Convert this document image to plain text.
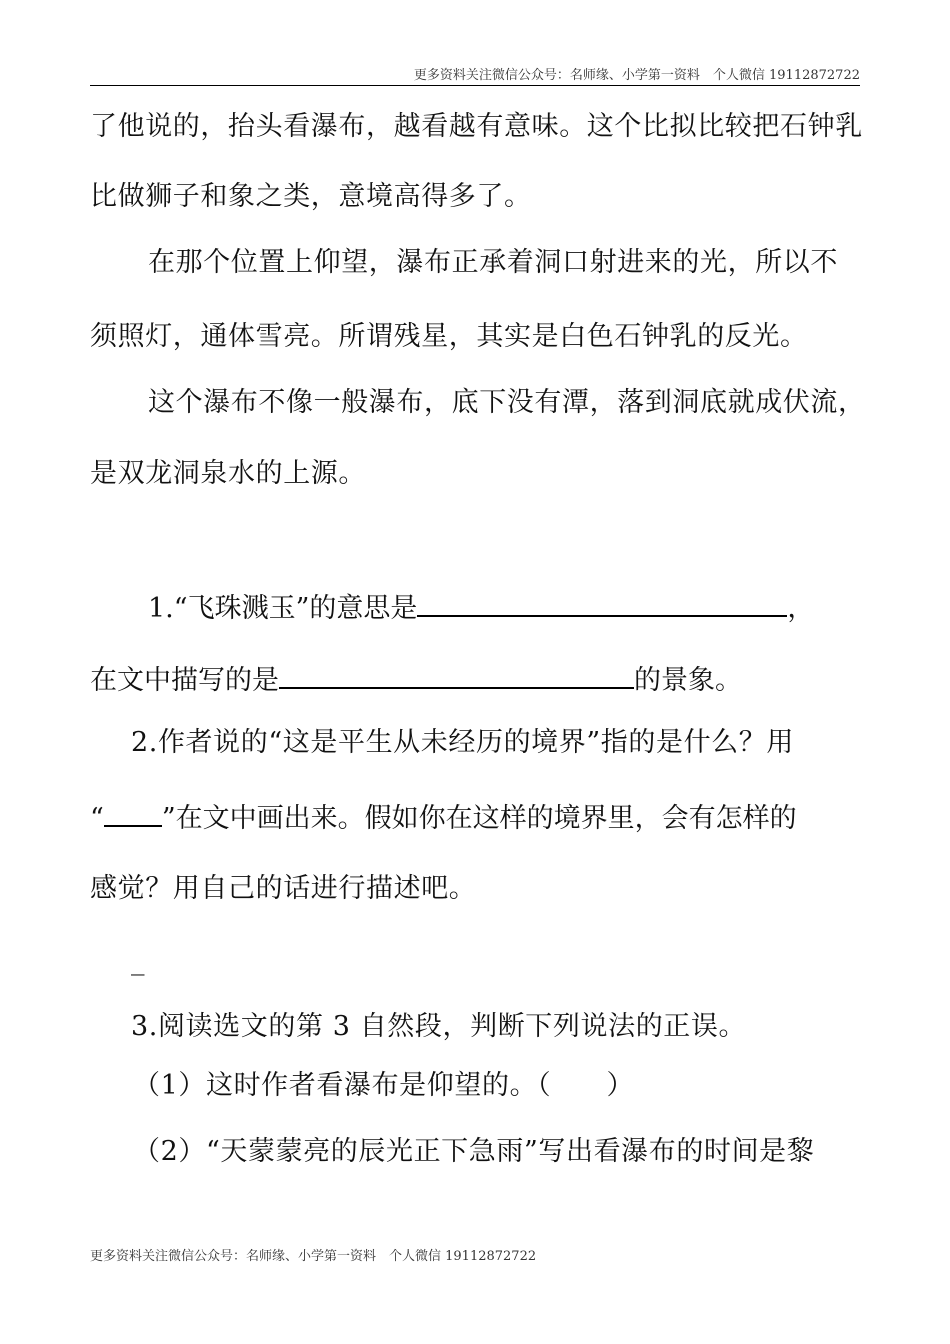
更多资料关注微信公众号：名师缘、小学第一资料　个人微信 19112872722
了他说的，抬头看瀑布，越看越有意味。这个比拟比较把石钟乳
比做狮子和象之类，意境高得多了。
在那个位置上仰望，瀑布正承着洞口射进来的光，所以不
须照灯，通体雪亮。所谓残星，其实是白色石钟乳的反光。
这个瀑布不像一般瀑布，底下没有潭，落到洞底就成伏流，
是双龙洞泉水的上源。
1.“飞珠溅玉”的意思是	，
在文中描写的是	的景象。
2.作者说的“这是平生从未经历的境界”指的是什么？用
“ ”在文中画出来。假如你在这样的境界里，会有怎样的
感觉？用自己的话进行描述吧。
_
3.阅读选文的第 3 自然段，判断下列说法的正误。
（1）这时作者看瀑布是仰望的。（　　）
（2）“天蒙蒙亮的辰光正下急雨”写出看瀑布的时间是黎
更多资料关注微信公众号：名师缘、小学第一资料　个人微信 19112872722
